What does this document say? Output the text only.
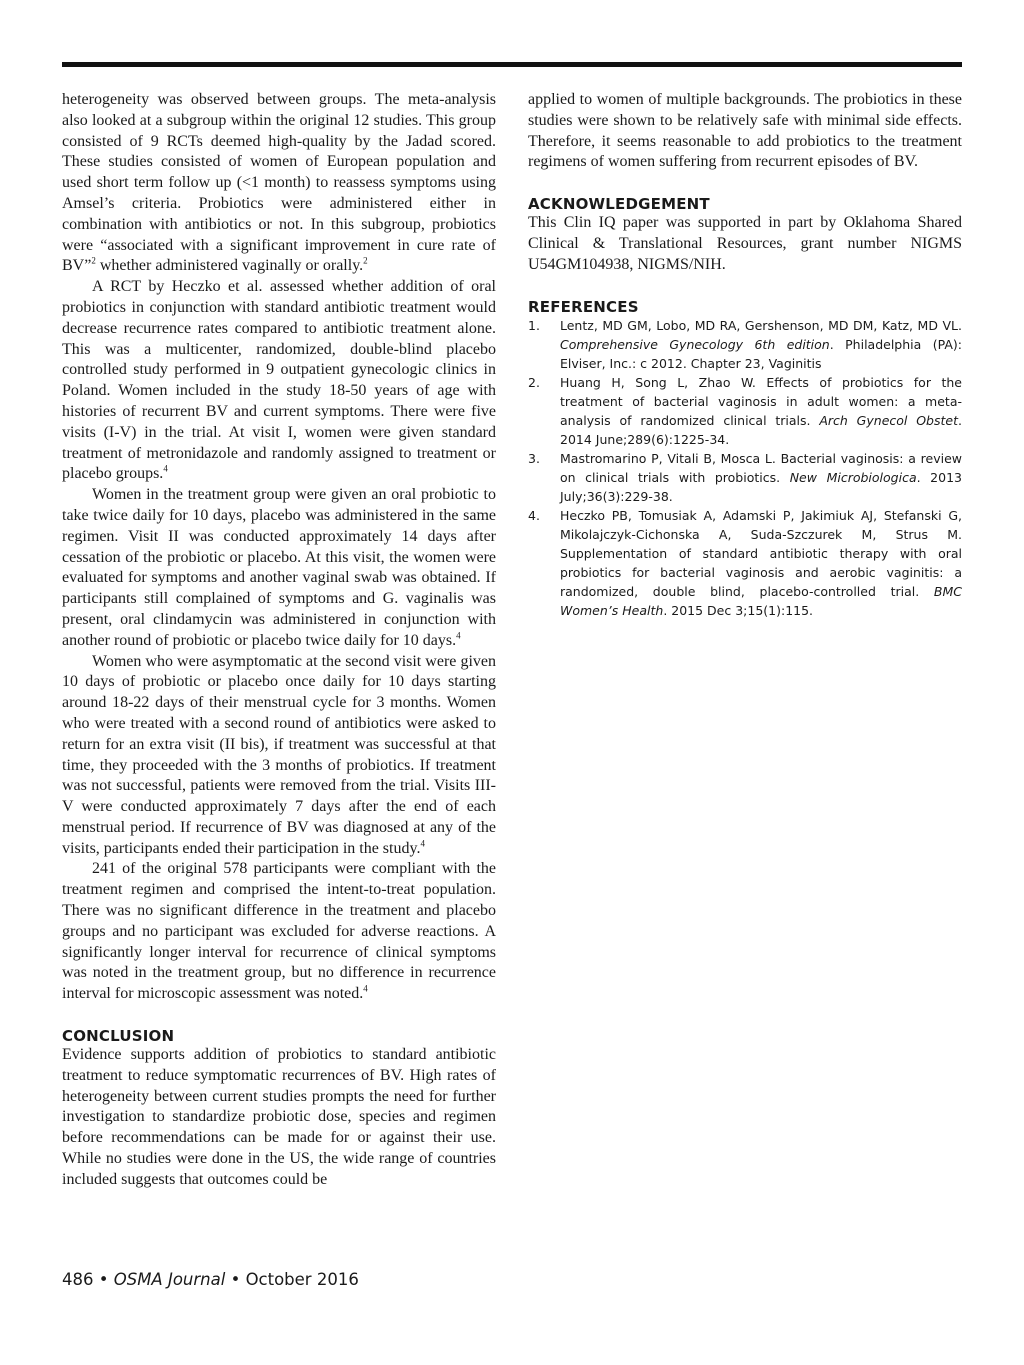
heterogeneity was observed between groups. The meta-analysis also looked at a subgroup within the original 12 studies. This group consisted of 9 RCTs deemed high-quality by the Jadad scored. These studies consisted of women of European population and used short term follow up (<1 month) to reassess symptoms using Amsel’s criteria. Probiotics were administered either in combination with antibiotics or not. In this subgroup, probiotics were “associated with a significant improvement in cure rate of BV”$^2$ whether administered vaginally or orally.$^2$

A RCT by Heczko et al. assessed whether addition of oral probiotics in conjunction with standard antibiotic treatment would decrease recurrence rates compared to antibiotic treatment alone. This was a multicenter, randomized, double-blind placebo controlled study performed in 9 outpatient gynecologic clinics in Poland. Women included in the study 18-50 years of age with histories of recurrent BV and current symptoms. There were five visits (I-V) in the trial. At visit I, women were given standard treatment of metronidazole and randomly assigned to treatment or placebo groups.$^4$

Women in the treatment group were given an oral probiotic to take twice daily for 10 days, placebo was administered in the same regimen. Visit II was conducted approximately 14 days after cessation of the probiotic or placebo. At this visit, the women were evaluated for symptoms and another vaginal swab was obtained. If participants still complained of symptoms and G. vaginalis was present, oral clindamycin was administered in conjunction with another round of probiotic or placebo twice daily for 10 days.$^4$

Women who were asymptomatic at the second visit were given 10 days of probiotic or placebo once daily for 10 days starting around 18-22 days of their menstrual cycle for 3 months. Women who were treated with a second round of antibiotics were asked to return for an extra visit (II bis), if treatment was successful at that time, they proceeded with the 3 months of probiotics. If treatment was not successful, patients were removed from the trial. Visits III-V were conducted approximately 7 days after the end of each menstrual period. If recurrence of BV was diagnosed at any of the visits, participants ended their participation in the study.$^4$

241 of the original 578 participants were compliant with the treatment regimen and comprised the intent-to-treat population. There was no significant difference in the treatment and placebo groups and no participant was excluded for adverse reactions. A significantly longer interval for recurrence of clinical symptoms was noted in the treatment group, but no difference in recurrence interval for microscopic assessment was noted.$^4$

CONCLUSION

Evidence supports addition of probiotics to standard antibiotic treatment to reduce symptomatic recurrences of BV. High rates of heterogeneity between current studies prompts the need for further investigation to standardize probiotic dose, species and regimen before recommendations can be made for or against their use. While no studies were done in the US, the wide range of countries included suggests that outcomes could be

applied to women of multiple backgrounds. The probiotics in these studies were shown to be relatively safe with minimal side effects. Therefore, it seems reasonable to add probiotics to the treatment regimens of women suffering from recurrent episodes of BV.

ACKNOWLEDGEMENT

This Clin IQ paper was supported in part by Oklahoma Shared Clinical & Translational Resources, grant number NIGMS U54GM104938, NIGMS/NIH.

REFERENCES
1. Lentz, MD GM, Lobo, MD RA, Gershenson, MD DM, Katz, MD VL. Comprehensive Gynecology 6th edition. Philadelphia (PA): Elviser, Inc.: c 2012. Chapter 23, Vaginitis
2. Huang H, Song L, Zhao W. Effects of probiotics for the treatment of bacterial vaginosis in adult women: a meta-analysis of randomized clinical trials. Arch Gynecol Obstet. 2014 June;289(6):1225-34.
3. Mastromarino P, Vitali B, Mosca L. Bacterial vaginosis: a review on clinical trials with probiotics. New Microbiologica. 2013 July;36(3):229-38.
4. Heczko PB, Tomusiak A, Adamski P, Jakimiuk AJ, Stefanski G, Mikolajczyk-Cichonska A, Suda-Szczurek M, Strus M. Supplementation of standard antibiotic therapy with oral probiotics for bacterial vaginosis and aerobic vaginitis: a randomized, double blind, placebo-controlled trial. BMC Women’s Health. 2015 Dec 3;15(1):115.
486 • OSMA Journal • October 2016
